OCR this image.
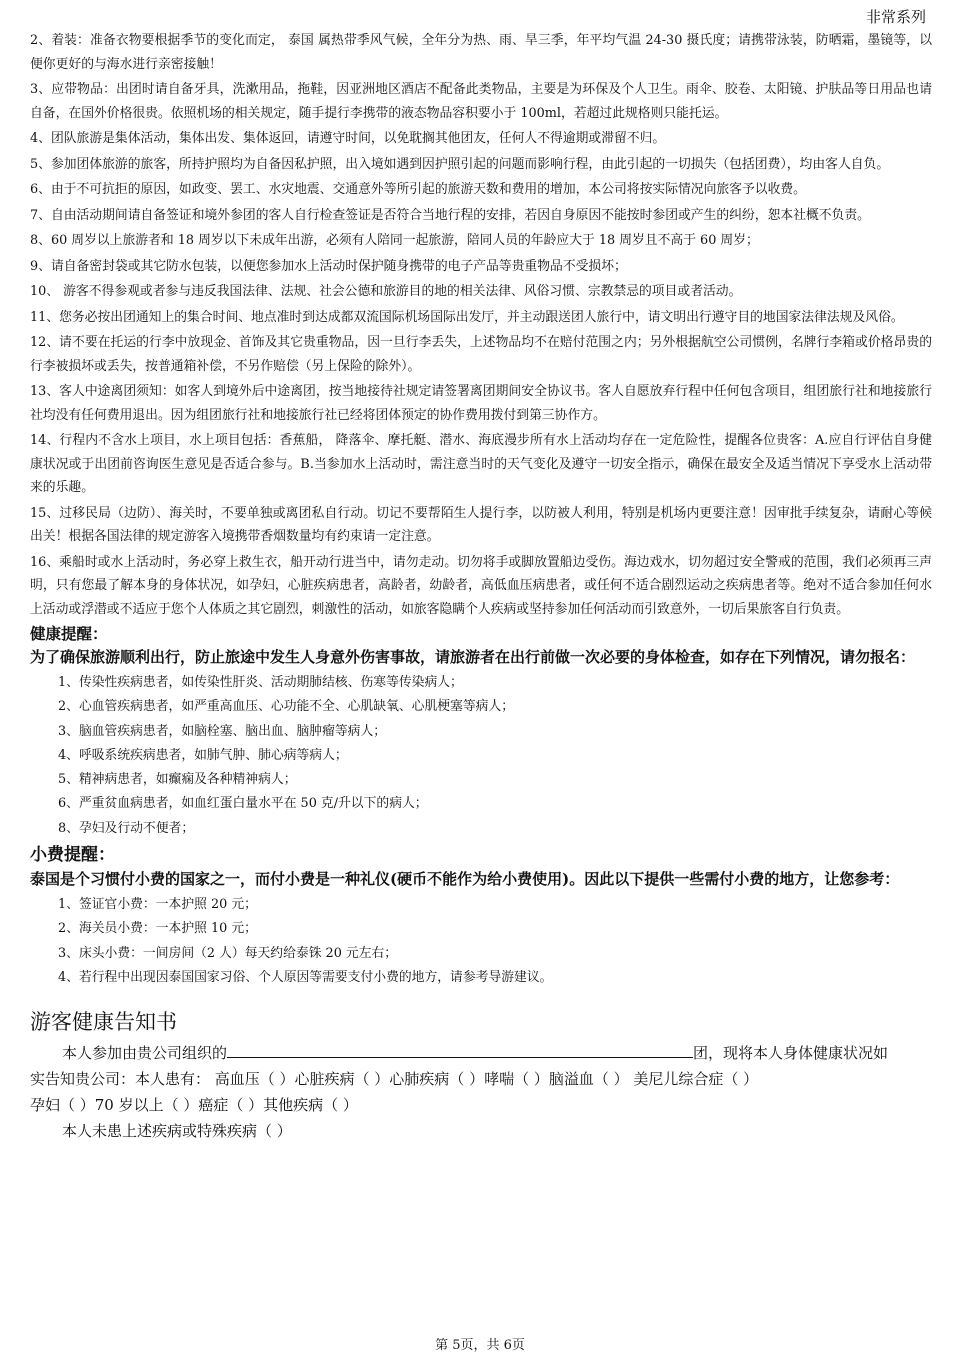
非常系列
2、着装：准备衣物要根据季节的变化而定， 泰国 属热带季风气候，全年分为热、雨、旱三季，年平均气温 24-30 摄氏度；请携带泳装，防晒霜，墨镜等，以便你更好的与海水进行亲密接触！
3、应带物品：出团时请自备牙具，洗漱用品，拖鞋，因亚洲地区酒店不配备此类物品，主要是为环保及个人卫生。雨伞、胶卷、太阳镜、护肤品等日用品也请自备，在国外价格很贵。依照机场的相关规定，随手提行李携带的液态物品容积要小于 100ml，若超过此规格则只能托运。
4、团队旅游是集体活动，集体出发、集体返回，请遵守时间，以免耽搁其他团友，任何人不得逾期或滞留不归。
5、参加团体旅游的旅客，所持护照均为自备因私护照，出入境如遇到因护照引起的问题而影响行程，由此引起的一切损失（包括团费），均由客人自负。
6、由于不可抗拒的原因，如政变、罢工、水灾地震、交通意外等所引起的旅游天数和费用的增加，本公司将按实际情况向旅客予以收费。
7、自由活动期间请自备签证和境外参团的客人自行检查签证是否符合当地行程的安排，若因自身原因不能按时参团或产生的纠纷，恕本社概不负责。
8、60 周岁以上旅游者和 18 周岁以下未成年出游，必须有人陪同一起旅游，陪同人员的年龄应大于 18 周岁且不高于 60 周岁；
9、请自备密封袋或其它防水包装，以便您参加水上活动时保护随身携带的电子产品等贵重物品不受损坏；
10、 游客不得参观或者参与违反我国法律、法规、社会公德和旅游目的地的相关法律、风俗习惯、宗教禁忌的项目或者活动。
11、您务必按出团通知上的集合时间、地点准时到达成都双流国际机场国际出发厅，并主动跟送团人旅行中，请文明出行遵守目的地国家法律法规及风俗。
12、请不要在托运的行李中放现金、首饰及其它贵重物品，因一旦行李丢失，上述物品均不在赔付范围之内；另外根据航空公司惯例，名牌行李箱或价格昂贵的行李被损坏或丢失，按普通箱补偿，不另作赔偿（另上保险的除外）。
13、客人中途离团须知：如客人到境外后中途离团，按当地接待社规定请签署离团期间安全协议书。客人自愿放弃行程中任何包含项目，组团旅行社和地接旅行社均没有任何费用退出。因为组团旅行社和地接旅行社已经将团体预定的协作费用拨付到第三协作方。
14、行程内不含水上项目，水上项目包括：香蕉船， 降落伞、摩托艇、潜水、海底漫步所有水上活动均存在一定危险性，提醒各位贵客：A.应自行评估自身健康状况或于出团前咨询医生意见是否适合参与。B.当参加水上活动时，需注意当时的天气变化及遵守一切安全指示，确保在最安全及适当情况下享受水上活动带来的乐趣。
15、过移民局（边防）、海关时，不要单独或离团私自行动。切记不要帮陌生人提行李，以防被人利用，特别是机场内更要注意！因审批手续复杂，请耐心等候出关！根据各国法律的规定游客入境携带香烟数量均有约束请一定注意。
16、乘船时或水上活动时，务必穿上救生衣，船开动行进当中，请勿走动。切勿将手或脚放置船边受伤。海边戏水，切勿超过安全警戒的范围，我们必须再三声明，只有您最了解本身的身体状况，如孕妇，心脏疾病患者，高龄者，幼龄者，高低血压病患者，或任何不适合剧烈运动之疾病患者等。绝对不适合参加任何水上活动或浮潜或不适应于您个人体质之其它剧烈，刺激性的活动，如旅客隐瞒个人疾病或坚持参加任何活动而引致意外，一切后果旅客自行负责。
健康提醒：
为了确保旅游顺利出行，防止旅途中发生人身意外伤害事故，请旅游者在出行前做一次必要的身体检查，如存在下列情况，请勿报名：
1、传染性疾病患者，如传染性肝炎、活动期肺结核、伤寒等传染病人；
2、心血管疾病患者，如严重高血压、心功能不全、心肌缺氧、心肌梗塞等病人；
3、脑血管疾病患者，如脑栓塞、脑出血、脑肿瘤等病人；
4、呼吸系统疾病患者，如肺气肿、肺心病等病人；
5、精神病患者，如癫痫及各种精神病人；
6、严重贫血病患者，如血红蛋白量水平在 50 克/升以下的病人；
8、孕妇及行动不便者；
小费提醒：
泰国是个习惯付小费的国家之一，而付小费是一种礼仪(硬币不能作为给小费使用)。因此以下提供一些需付小费的地方，让您参考：
1、签证官小费：一本护照 20 元；
2、海关员小费：一本护照 10 元；
3、床头小费：一间房间（2 人）每天约给泰铢 20 元左右；
4、若行程中出现因泰国国家习俗、个人原因等需要支付小费的地方，请参考导游建议。
游客健康告知书
本人参加由贵公司组织的	团，现将本人身体健康状况如
实告知贵公司：本人患有： 高血压（ ）心脏疾病（ ）心肺疾病（ ）哮喘（ ）脑溢血（ ） 美尼儿综合症（ ）
孕妇（ ）70 岁以上（ ）癌症（ ）其他疾病（ ）
本人未患上述疾病或特殊疾病（ ）
第 5页，共 6页
